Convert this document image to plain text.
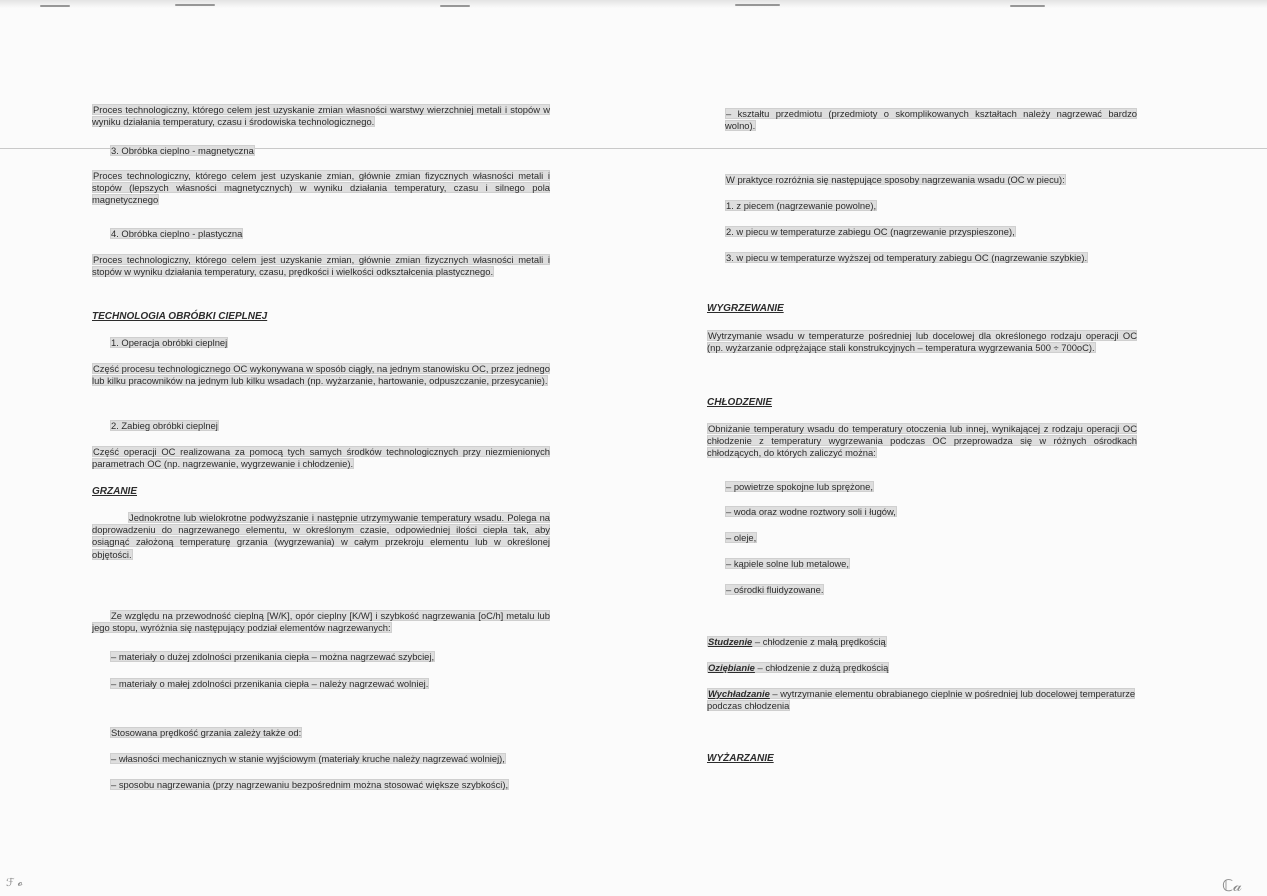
Proces technologiczny, którego celem jest uzyskanie zmian własności warstwy wierzchniej metali i stopów w wyniku działania temperatury, czasu i środowiska technologicznego.
3. Obróbka cieplno - magnetyczna
Proces technologiczny, którego celem jest uzyskanie zmian, głównie zmian fizycznych własności metali i stopów (lepszych własności magnetycznych) w wyniku działania temperatury, czasu i silnego pola magnetycznego
4. Obróbka cieplno - plastyczna
Proces technologiczny, którego celem jest uzyskanie zmian, głównie zmian fizycznych własności metali i stopów w wyniku działania temperatury, czasu, prędkości i wielkości odkształcenia plastycznego.
TECHNOLOGIA OBRÓBKI CIEPLNEJ
1. Operacja obróbki cieplnej
Część procesu technologicznego OC wykonywana w sposób ciągły, na jednym stanowisku OC, przez jednego lub kilku pracowników na jednym lub kilku wsadach (np. wyżarzanie, hartowanie, odpuszczanie, przesycanie).
2. Zabieg obróbki cieplnej
Część operacji OC realizowana za pomocą tych samych środków technologicznych przy niezmienionych parametrach OC (np. nagrzewanie, wygrzewanie i chłodzenie).
GRZANIE
Jednokrotne lub wielokrotne podwyższanie i następnie utrzymywanie temperatury wsadu. Polega na doprowadzeniu do nagrzewanego elementu, w określonym czasie, odpowiedniej ilości ciepła tak, aby osiągnąć założoną temperaturę grzania (wygrzewania) w całym przekroju elementu lub w określonej objętości.
Ze względu na przewodność cieplną [W/K], opór cieplny [K/W] i szybkość nagrzewania [oC/h] metalu lub jego stopu, wyróżnia się następujący podział elementów nagrzewanych:
– materiały o dużej zdolności przenikania ciepła – można nagrzewać szybciej,
– materiały o małej zdolności przenikania ciepła – należy nagrzewać wolniej.
Stosowana prędkość grzania zależy także od:
– własności mechanicznych w stanie wyjściowym (materiały kruche należy nagrzewać wolniej),
– sposobu nagrzewania (przy nagrzewaniu bezpośrednim można stosować większe szybkości),
– kształtu przedmiotu (przedmioty o skomplikowanych kształtach należy nagrzewać bardzo wolno).
W praktyce rozróżnia się następujące sposoby nagrzewania wsadu (OC w piecu):
1. z piecem (nagrzewanie powolne),
2. w piecu w temperaturze zabiegu OC (nagrzewanie przyspieszone),
3. w piecu w temperaturze wyższej od temperatury zabiegu OC (nagrzewanie szybkie).
WYGRZEWANIE
Wytrzymanie wsadu w temperaturze pośredniej lub docelowej dla określonego rodzaju operacji OC (np. wyżarzanie odprężające stali konstrukcyjnych – temperatura wygrzewania 500 ÷ 700oC).
CHŁODZENIE
Obniżanie temperatury wsadu do temperatury otoczenia lub innej, wynikającej z rodzaju operacji OC chłodzenie z temperatury wygrzewania podczas OC przeprowadza się w różnych ośrodkach chłodzących, do których zaliczyć można:
– powietrze spokojne lub sprężone,
– woda oraz wodne roztwory soli i ługów,
– oleje,
– kąpiele solne lub metalowe,
– ośrodki fluidyzowane.
Studzenie – chłodzenie z małą prędkością
Oziębianie – chłodzenie z dużą prędkością
Wychładzanie – wytrzymanie elementu obrabianego cieplnie w pośredniej lub docelowej temperaturze podczas chłodzenia
WYŻARZANIE
ℱ 𝓸	ℂ𝒶
